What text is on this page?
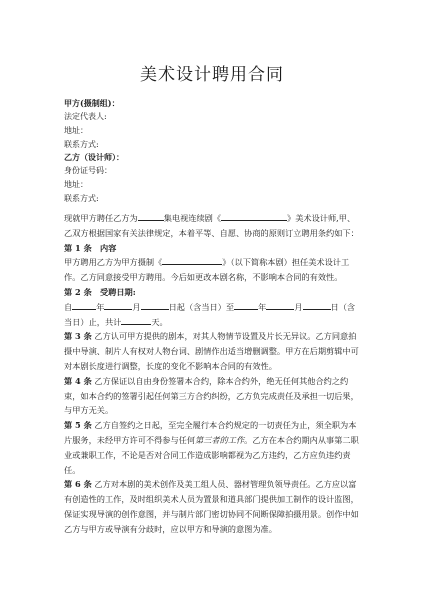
美术设计聘用合同
甲方(摄制组)：
法定代表人:
地址：
联系方式:
乙方（设计师）：
身份证号码：
地址：
联系方式:

现就甲方聘任乙方为	集电视连续剧《	》美术设计师,甲、乙双方根据国家有关法律规定，本着平等、自愿、协商的原则订立聘用条约如下：

第 1 条　内容

甲方聘用乙方为甲方摄制《	》（以下简称本剧）担任美术设计工作。乙方同意接受甲方聘用。今后如更改本剧名称，不影响本合同的有效性。

第 2 条　受聘日期:

自	年	月	日起（含当日）至	年	月	日（含当日）止，共计	天。

第 3 条 乙方认可甲方提供的剧本，对其人物情节设置及片长无异议。乙方同意拍摄中导演、制片人有权对人物台词、剧情作出适当增删调整。甲方在后期剪辑中可对本剧长度进行调整，长度的变化不影响本合同的有效性。

第 4 条 乙方保证以自由身份签署本合约，除本合约外，绝无任何其他合约之约束，如本合约的签署引起任何第三方合约纠纷，乙方负完成责任及承担一切后果，与甲方无关。

第 5 条 乙方自签约之日起，至完全履行本合约规定的一切责任为止，须全职为本片服务，未经甲方许可不得参与任何第三者的工作。乙方在本合约期内从事第二职业或兼职工作，不论是否对合同工作造成影响都视为乙方违约，乙方应负违约责任。

第 6 条 乙方对本剧的美术创作及美工组人员、器材管理负领导责任。乙方应以富有创造性的工作，及时组织美术人员为置景和道具部门提供加工制作的设计监图，保证实现导演的创作意图，并与制片部门密切协同不间断保障拍摄用景。创作中如乙方与甲方或导演有分歧时，应以甲方和导演的意图为准。
